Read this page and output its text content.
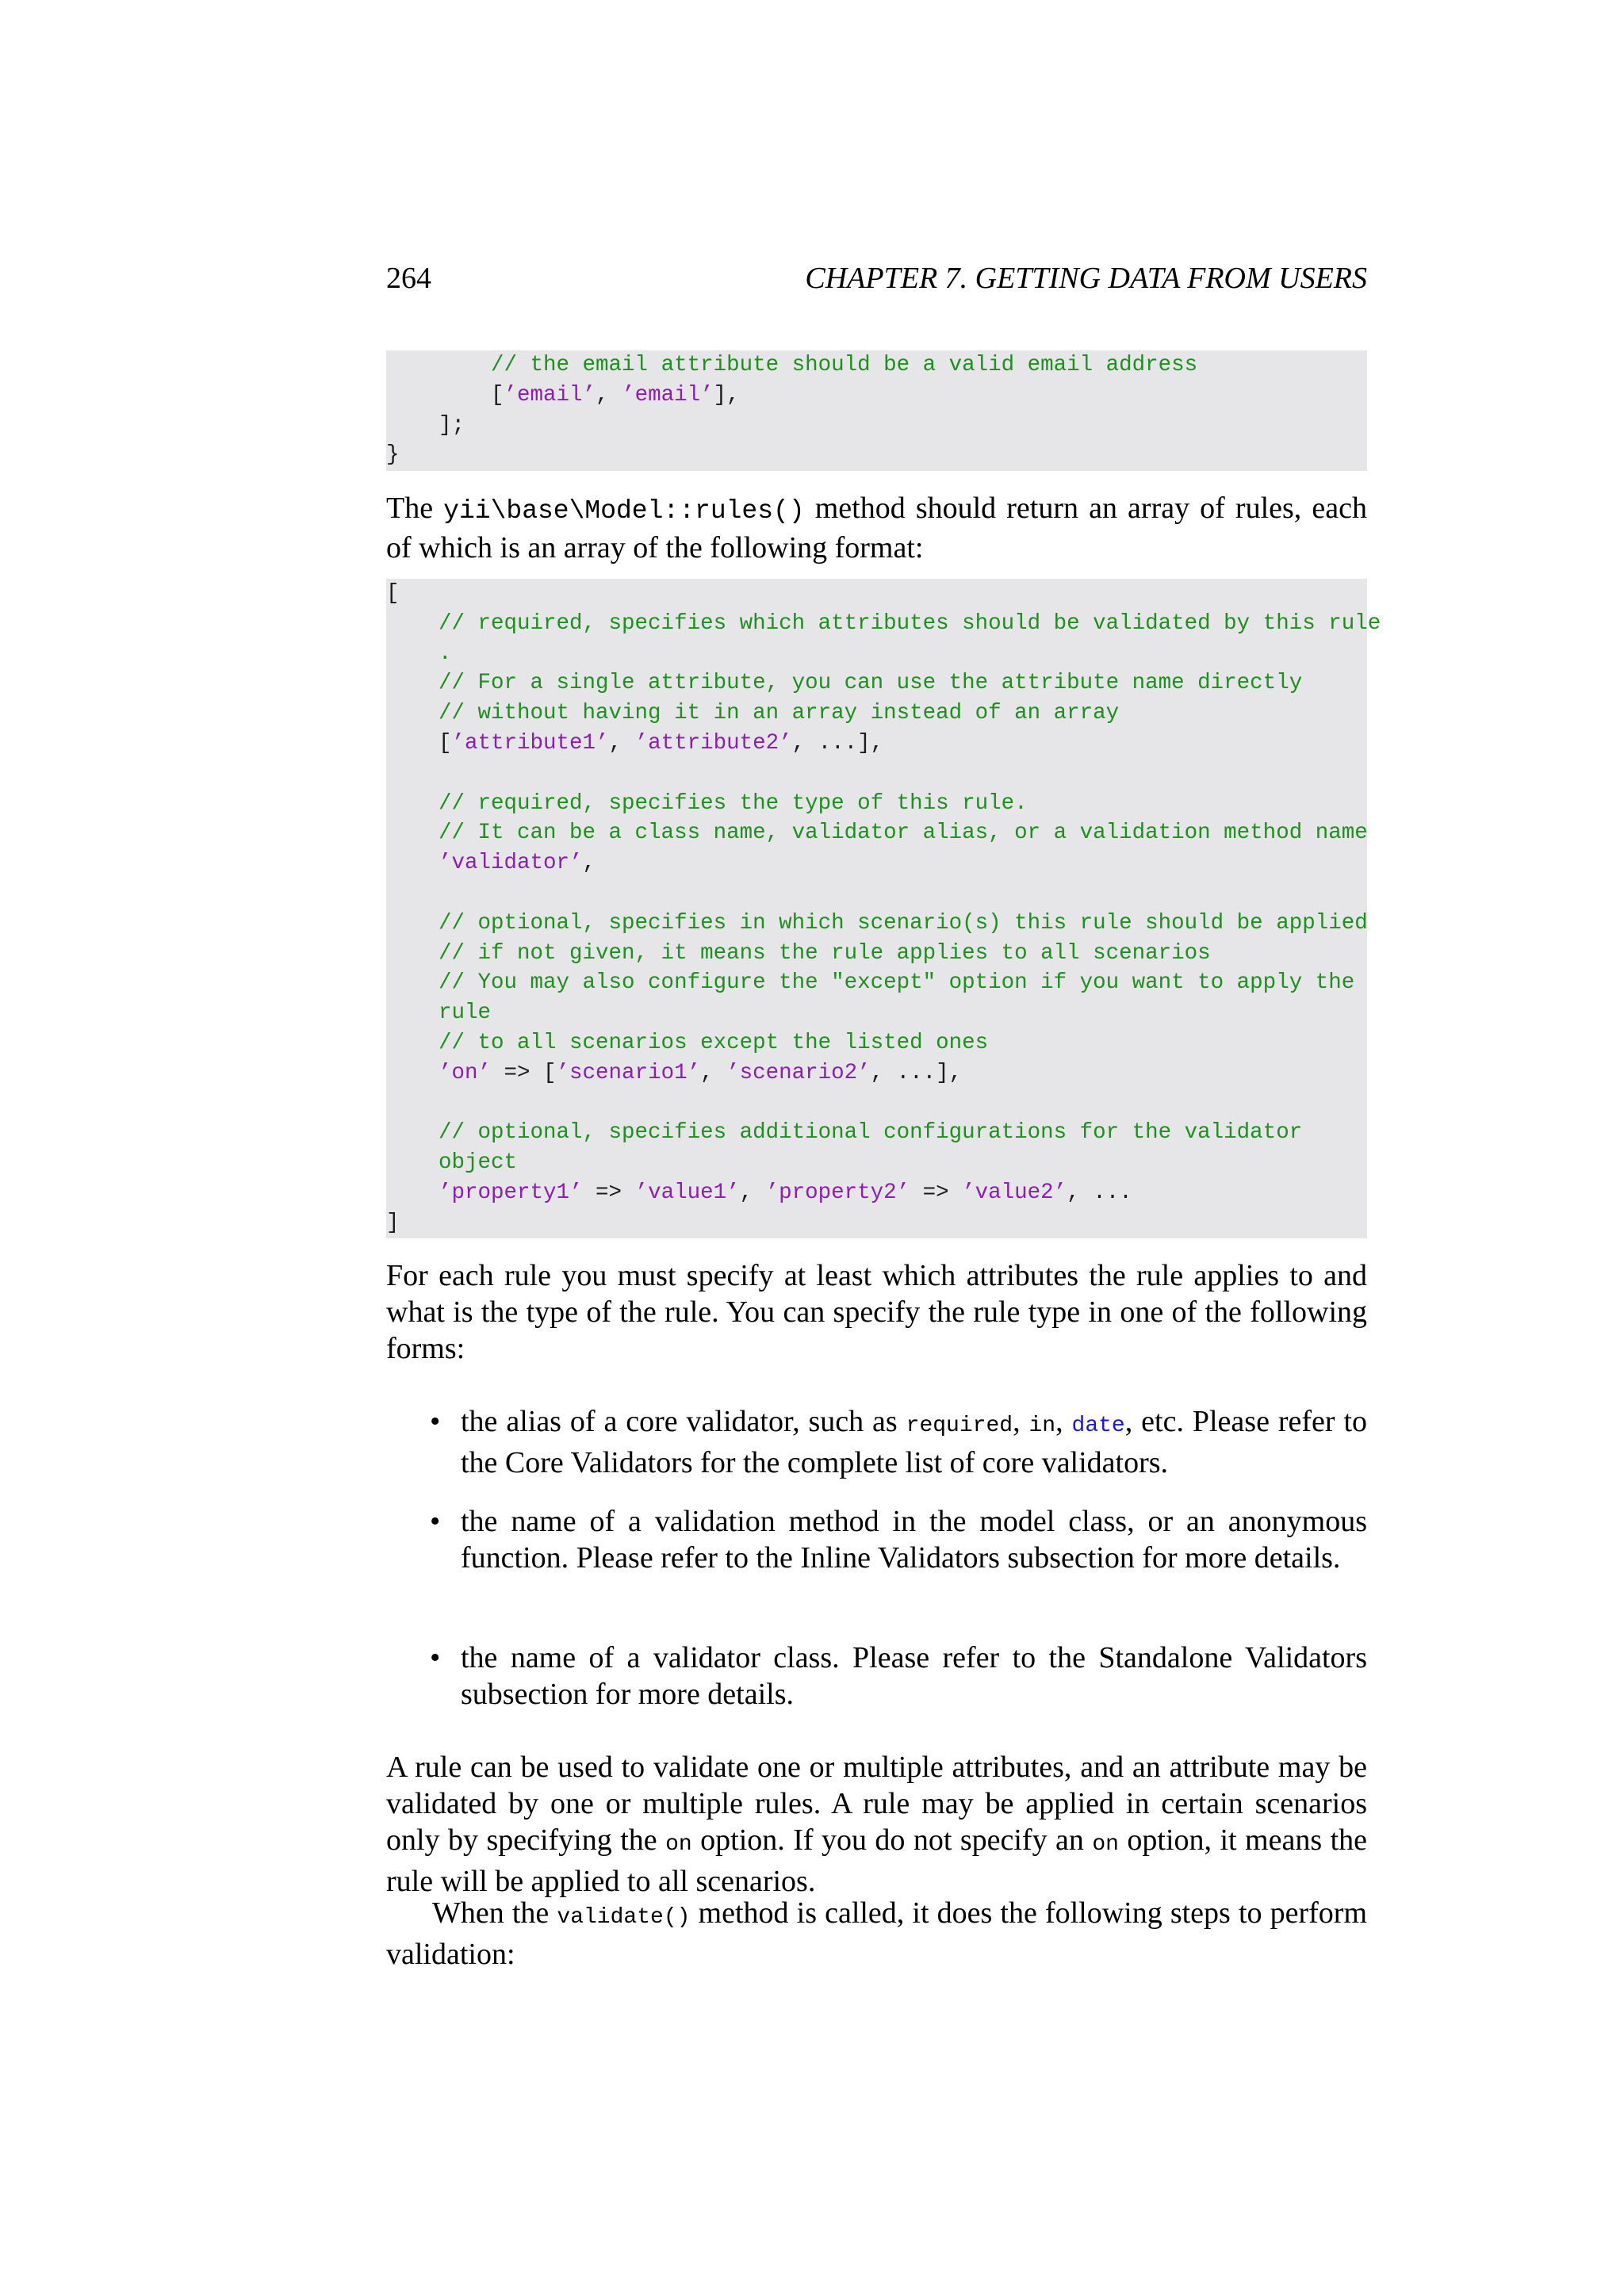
264	CHAPTER 7. GETTING DATA FROM USERS
// the email attribute should be a valid email address
[’email’, ’email’],
];
}
The yii\base\Model::rules() method should return an array of rules, each of which is an array of the following format:
[
// required, specifies which attributes should be validated by this rule
.
// For a single attribute, you can use the attribute name directly
// without having it in an array instead of an array
[’attribute1’, ’attribute2’, ...],
// required, specifies the type of this rule.
// It can be a class name, validator alias, or a validation method name
’validator’,
// optional, specifies in which scenario(s) this rule should be applied
// if not given, it means the rule applies to all scenarios
// You may also configure the "except" option if you want to apply the
rule
// to all scenarios except the listed ones
’on’ => [’scenario1’, ’scenario2’, ...],
// optional, specifies additional configurations for the validator
object
’property1’ => ’value1’, ’property2’ => ’value2’, ...
]
For each rule you must specify at least which attributes the rule applies to and what is the type of the rule. You can specify the rule type in one of the following forms:
• the alias of a core validator, such as required, in, date, etc. Please refer to the Core Validators for the complete list of core validators.
• the name of a validation method in the model class, or an anonymous function. Please refer to the Inline Validators subsection for more details.
• the name of a validator class. Please refer to the Standalone Validators subsection for more details.
A rule can be used to validate one or multiple attributes, and an attribute may be validated by one or multiple rules. A rule may be applied in certain scenarios only by specifying the on option. If you do not specify an on option, it means the rule will be applied to all scenarios.
When the validate() method is called, it does the following steps to perform validation:
